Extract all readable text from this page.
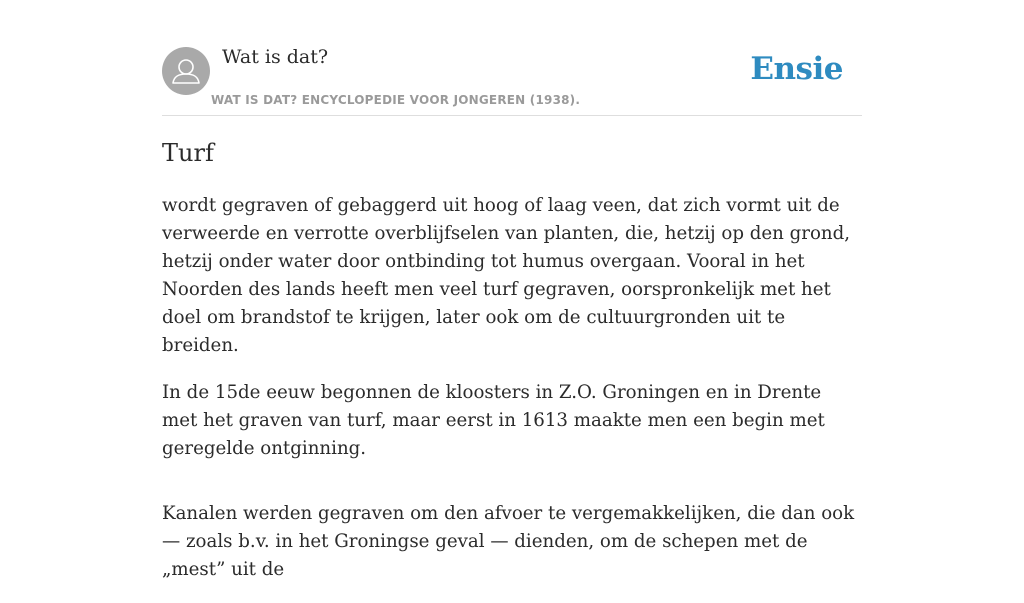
Wat is dat?
WAT IS DAT? ENCYCLOPEDIE VOOR JONGEREN (1938).
Ensie
Turf

wordt gegraven of gebaggerd uit hoog of laag veen, dat zich vormt uit de verweerde en verrotte overblijfselen van planten, die, hetzij op den grond, hetzij onder water door ontbinding tot humus overgaan. Vooral in het Noorden des lands heeft men veel turf gegraven, oorspronkelijk met het doel om brandstof te krijgen, later ook om de cultuurgronden uit te breiden.

In de 15de eeuw begonnen de kloosters in Z.O. Groningen en in Drente met het graven van turf, maar eerst in 1613 maakte men een begin met geregelde ontginning.

Kanalen werden gegraven om den afvoer te vergemakkelijken, die dan ook — zoals b.v. in het Groningse geval — dienden, om de schepen met de „mest” uit de
